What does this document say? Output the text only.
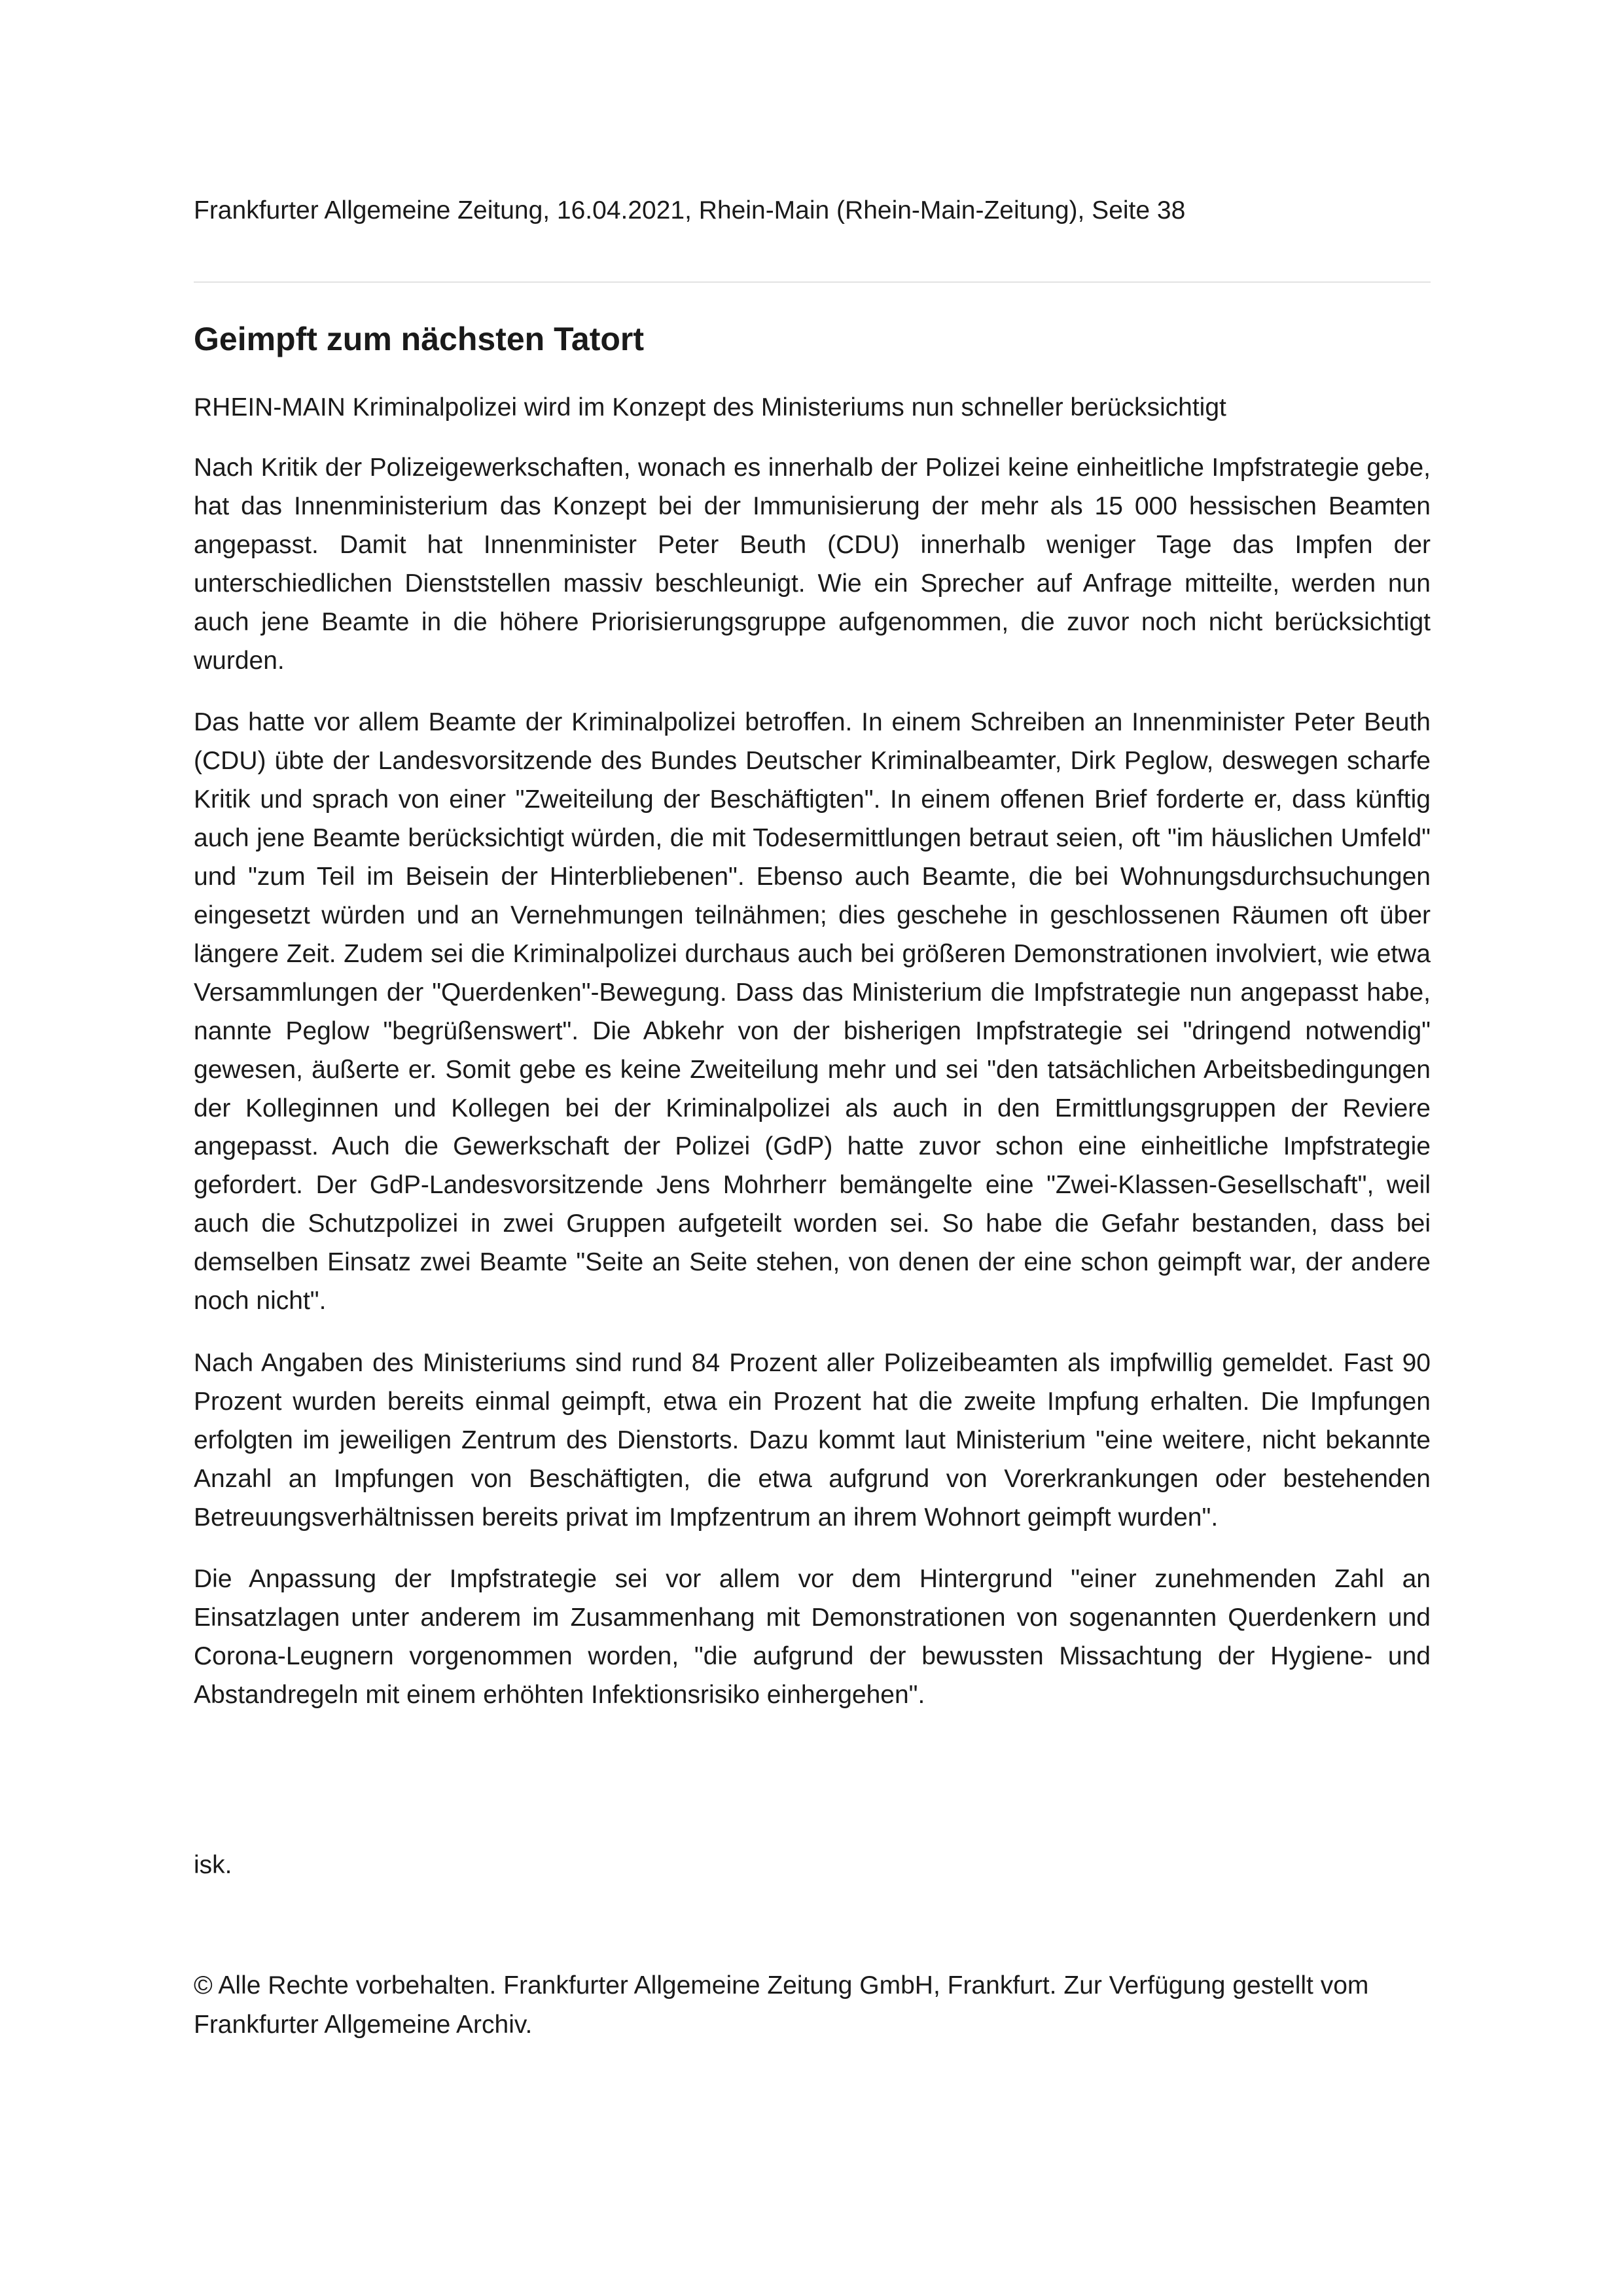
Frankfurter Allgemeine Zeitung, 16.04.2021, Rhein-Main (Rhein-Main-Zeitung), Seite 38
Geimpft zum nächsten Tatort

RHEIN-MAIN Kriminalpolizei wird im Konzept des Ministeriums nun schneller berücksichtigt

Nach Kritik der Polizeigewerkschaften, wonach es innerhalb der Polizei keine einheitliche Impfstrategie gebe, hat das Innenministerium das Konzept bei der Immunisierung der mehr als 15 000 hessischen Beamten angepasst. Damit hat Innenminister Peter Beuth (CDU) innerhalb weniger Tage das Impfen der unterschiedlichen Dienststellen massiv beschleunigt. Wie ein Sprecher auf Anfrage mitteilte, werden nun auch jene Beamte in die höhere Priorisierungsgruppe aufgenommen, die zuvor noch nicht berücksichtigt wurden.

Das hatte vor allem Beamte der Kriminalpolizei betroffen. In einem Schreiben an Innenminister Peter Beuth (CDU) übte der Landesvorsitzende des Bundes Deutscher Kriminalbeamter, Dirk Peglow, deswegen scharfe Kritik und sprach von einer "Zweiteilung der Beschäftigten". In einem offenen Brief forderte er, dass künftig auch jene Beamte berücksichtigt würden, die mit Todesermittlungen betraut seien, oft "im häuslichen Umfeld" und "zum Teil im Beisein der Hinterbliebenen". Ebenso auch Beamte, die bei Wohnungsdurchsuchungen eingesetzt würden und an Vernehmungen teilnähmen; dies geschehe in geschlossenen Räumen oft über längere Zeit. Zudem sei die Kriminalpolizei durchaus auch bei größeren Demonstrationen involviert, wie etwa Versammlungen der "Querdenken"-Bewegung. Dass das Ministerium die Impfstrategie nun angepasst habe, nannte Peglow "begrüßenswert". Die Abkehr von der bisherigen Impfstrategie sei "dringend notwendig" gewesen, äußerte er. Somit gebe es keine Zweiteilung mehr und sei "den tatsächlichen Arbeitsbedingungen der Kolleginnen und Kollegen bei der Kriminalpolizei als auch in den Ermittlungsgruppen der Reviere angepasst. Auch die Gewerkschaft der Polizei (GdP) hatte zuvor schon eine einheitliche Impfstrategie gefordert. Der GdP-Landesvorsitzende Jens Mohrherr bemängelte eine "Zwei-Klassen-Gesellschaft", weil auch die Schutzpolizei in zwei Gruppen aufgeteilt worden sei. So habe die Gefahr bestanden, dass bei demselben Einsatz zwei Beamte "Seite an Seite stehen, von denen der eine schon geimpft war, der andere noch nicht".

Nach Angaben des Ministeriums sind rund 84 Prozent aller Polizeibeamten als impfwillig gemeldet. Fast 90 Prozent wurden bereits einmal geimpft, etwa ein Prozent hat die zweite Impfung erhalten. Die Impfungen erfolgten im jeweiligen Zentrum des Dienstorts. Dazu kommt laut Ministerium "eine weitere, nicht bekannte Anzahl an Impfungen von Beschäftigten, die etwa aufgrund von Vorerkrankungen oder bestehenden Betreuungsverhältnissen bereits privat im Impfzentrum an ihrem Wohnort geimpft wurden".

Die Anpassung der Impfstrategie sei vor allem vor dem Hintergrund "einer zunehmenden Zahl an Einsatzlagen unter anderem im Zusammenhang mit Demonstrationen von sogenannten Querdenkern und Corona-Leugnern vorgenommen worden, "die aufgrund der bewussten Missachtung der Hygiene- und Abstandregeln mit einem erhöhten Infektionsrisiko einhergehen".

isk.

© Alle Rechte vorbehalten. Frankfurter Allgemeine Zeitung GmbH, Frankfurt. Zur Verfügung gestellt vom Frankfurter Allgemeine Archiv.
